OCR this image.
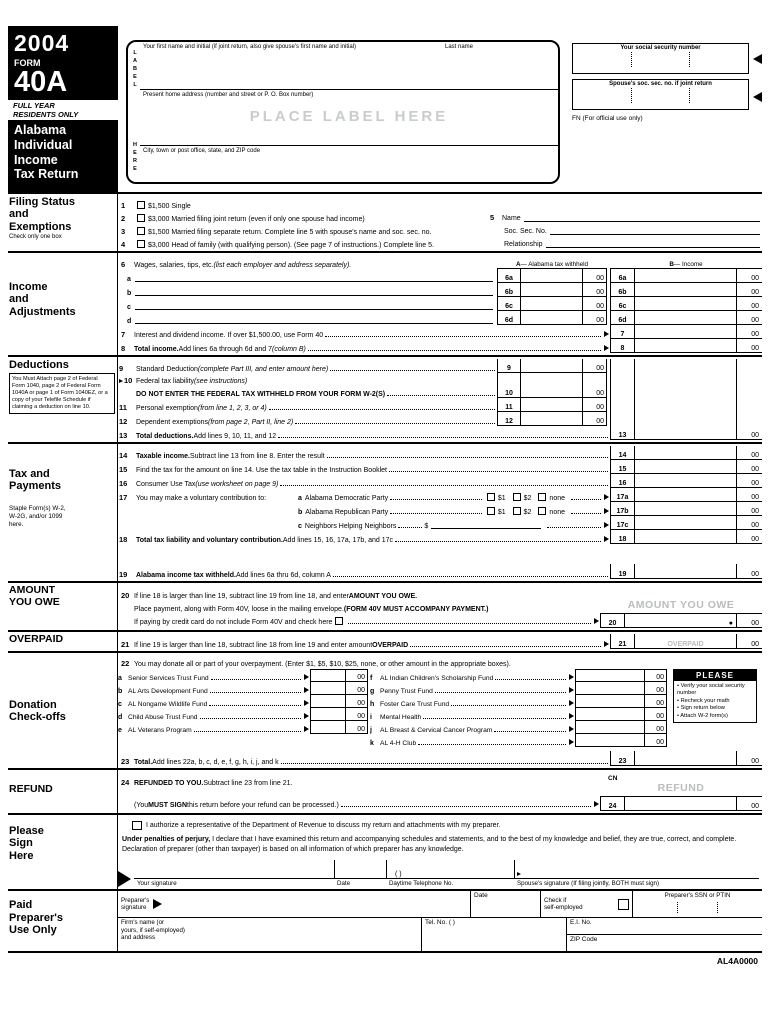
2004
FORM
40A
FULL YEAR
RESIDENTS ONLY
Alabama
Individual
Income
Tax Return
LABEL
HERE
Your first name and initial (if joint return, also give spouse's first name and initial)	Last name
Present home address (number and street or P. O. Box number)
PLACE LABEL HERE
City, town or post office, state, and ZIP code
Your social security number
Spouse's soc. sec. no. if joint return
FN (For official use only)
Filing Status
and
Exemptions
Check only one box
1	$1,500 Single
2	$3,000 Married filing joint return (even if only one spouse had income)
3	$1,500 Married filing separate return. Complete line 5 with spouse's name and soc. sec. no.
4	$3,000 Head of family (with qualifying person). (See page 7 of instructions.) Complete line 5.
5	Name
Soc. Sec. No.
Relationship
Income
and
Adjustments
6	Wages, salaries, tips, etc. (list each employer and address separately).	A — Alabama tax withheld	B — Income
a	6a	00	6a	00
b	6b	00	6b	00
c	6c	00	6c	00
d	6d	00	6d	00
7	Interest and dividend income. If over $1,500.00, use Form 40	7	00
8	Total income. Add lines 6a through 6d and 7 (column B)	8	00
Deductions
You Must Attach page 2 of Federal Form 1040, page 2 of Federal Form 1040A or page 1 of Form 1040EZ, or a copy of your Telefile Schedule if claiming a deduction on line 10.
9 Standard Deduction (complete Part III, and enter amount here)	9	00
10 Federal tax liability (see instructions)
DO NOT ENTER THE FEDERAL TAX WITHHELD FROM YOUR FORM W-2(S)	10	00
11 Personal exemption (from line 1, 2, 3, or 4)	11	00
12 Dependent exemptions (from page 2, Part II, line 2)	12	00
13 Total deductions. Add lines 9, 10, 11, and 12	13	00
Tax and
Payments
Staple Form(s) W-2, W-2G, and/or 1099 here.
14 Taxable income. Subtract line 13 from line 8. Enter the result	14	00
15 Find the tax for the amount on line 14. Use the tax table in the Instruction Booklet	15	00
16 Consumer Use Tax (use worksheet on page 9)	16	00
17 You may make a voluntary contribution to:	a Alabama Democratic Party	$1	$2	none	17a	00
b Alabama Republican Party	$1	$2	none	17b	00
c Neighbors Helping Neighbors	$	17c	00
18 Total tax liability and voluntary contribution. Add lines 15, 16, 17a, 17b, and 17c	18	00
19 Alabama income tax withheld. Add lines 6a thru 6d, column A	19	00
AMOUNT
YOU OWE
20 If line 18 is larger than line 19, subtract line 19 from line 18, and enter AMOUNT YOU OWE.
Place payment, along with Form 40V, loose in the mailing envelope. (FORM 40V MUST ACCOMPANY PAYMENT.)
If paying by credit card do not include Form 40V and check here
AMOUNT YOU OWE
20	●	00
OVERPAID	21 If line 19 is larger than line 18, subtract line 18 from line 19 and enter amount OVERPAID	21	OVERPAID	00
Donation
Check-offs
22 You may donate all or part of your overpayment. (Enter $1, $5, $10, $25, none, or other amount in the appropriate boxes).
a Senior Services Trust Fund	00
b AL Arts Development Fund	00
c AL Nongame Wildlife Fund	00
d Child Abuse Trust Fund	00
e AL Veterans Program	00
f	AL Indian Children's Scholarship Fund	00
g Penny Trust Fund	00
h Foster Care Trust Fund	00
i	Mental Health	00
j	AL Breast & Cervical Cancer Program	00
k AL 4-H Club	00
PLEASE
• Verify your social security number
• Recheck your math
• Sign return below
• Attach W-2 form(s)
23 Total. Add lines 22a, b, c, d, e, f, g, h, i, j, and k	23	00
REFUND
24 REFUNDED TO YOU. Subtract line 23 from line 21.
(You MUST SIGN this return before your refund can be processed.)
CN
REFUND
24	00
Please
Sign
Here
I authorize a representative of the Department of Revenue to discuss my return and attachments with my preparer.
Under penalties of perjury, I declare that I have examined this return and accompanying schedules and statements, and to the best of my knowledge and belief, they are true, correct, and complete. Declaration of preparer (other than taxpayer) is based on all information of which preparer has any knowledge.
( )
Your signature	Date	Daytime Telephone No.	Spouse's signature (If filing jointly, BOTH must sign)
Paid
Preparer's
Use Only
Preparer's
signature
Date
Check if
self-employed
Preparer's SSN or PTIN
Firm's name (or
yours, if self-employed)
and address
Tel. No. ( )	E.I. No.
ZIP Code
AL4A0000
